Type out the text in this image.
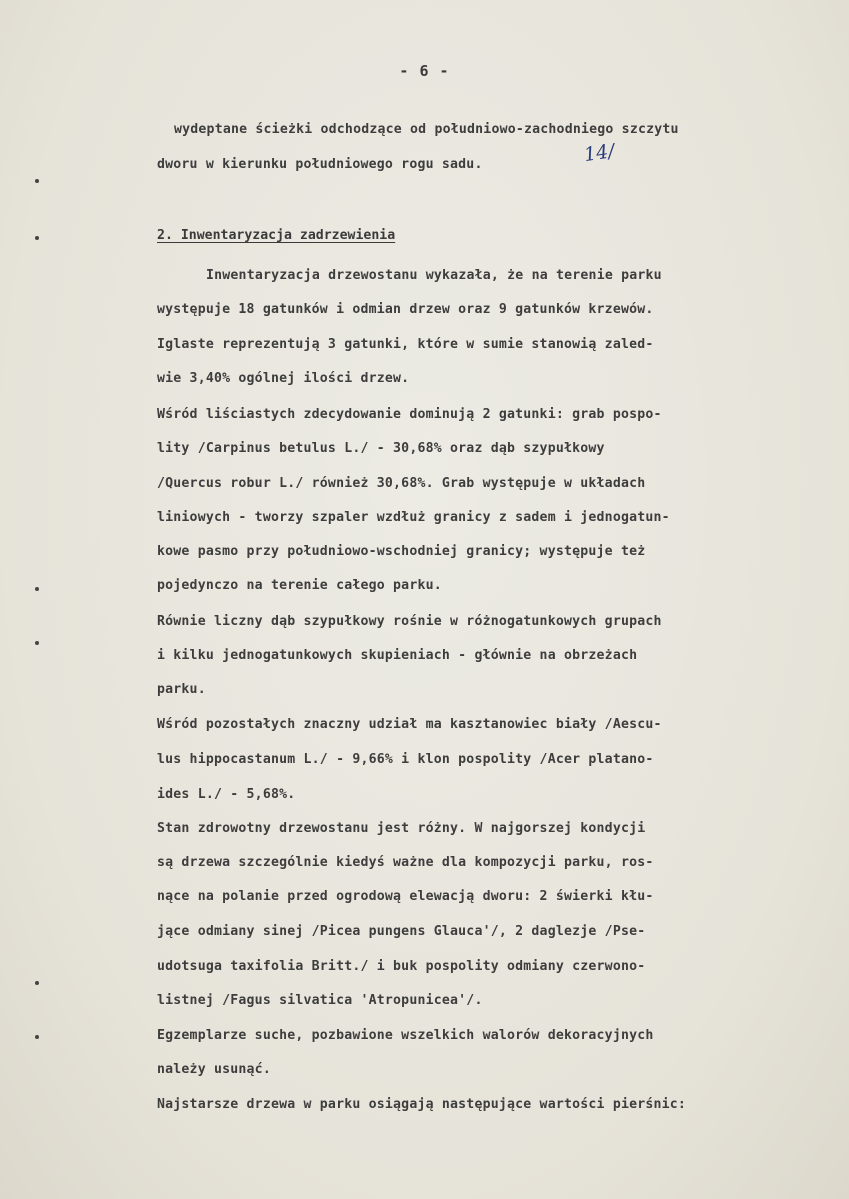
- 6 -
wydeptane ścieżki odchodzące od południowo-zachodniego szczytu
dworu w kierunku południowego rogu sadu.	14/
2. Inwentaryzacja zadrzewienia
Inwentaryzacja drzewostanu wykazała, że na terenie parku
występuje 18 gatunków i odmian drzew oraz 9 gatunków krzewów.
Iglaste reprezentują 3 gatunki, które w sumie stanowią zaled-
wie 3,40% ogólnej ilości drzew.
Wśród liściastych zdecydowanie dominują 2 gatunki: grab pospo-
lity /Carpinus betulus L./ - 30,68% oraz dąb szypułkowy
/Quercus robur L./ również 30,68%. Grab występuje w układach
liniowych - tworzy szpaler wzdłuż granicy z sadem i jednogatun-
kowe pasmo przy południowo-wschodniej granicy; występuje też
pojedynczo na terenie całego parku.
Równie liczny dąb szypułkowy rośnie w różnogatunkowych grupach
i kilku jednogatunkowych skupieniach - głównie na obrzeżach
parku.
Wśród pozostałych znaczny udział ma kasztanowiec biały /Aescu-
lus hippocastanum L./ - 9,66% i klon pospolity /Acer platano-
ides L./ - 5,68%.
Stan zdrowotny drzewostanu jest różny. W najgorszej kondycji
są drzewa szczególnie kiedyś ważne dla kompozycji parku, ros-
nące na polanie przed ogrodową elewacją dworu: 2 świerki kłu-
jące odmiany sinej /Picea pungens Glauca'/, 2 daglezje /Pse-
udotsuga taxifolia Britt./ i buk pospolity odmiany czerwono-
listnej /Fagus silvatica 'Atropunicea'/.
Egzemplarze suche, pozbawione wszelkich walorów dekoracyjnych
należy usunąć.
Najstarsze drzewa w parku osiągają następujące wartości pierśnic:
